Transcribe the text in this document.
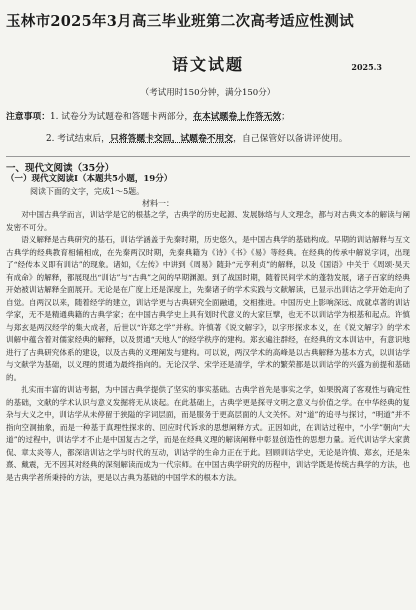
玉林市2025年3月高三毕业班第二次高考适应性测试
语文试题	2025.3
（考试用时150分钟，满分150分）
注意事项：1. 试卷分为试题卷和答题卡两部分，在本试题卷上作答无效；
2. 考试结束后，只将答题卡交回，试题卷不用交，自己保管好以备讲评使用。
一、现代文阅读（35分）
（一）现代文阅读Ⅰ（本题共5小题，19分）
阅读下面的文字，完成1～5题。
材料一：

对中国古典学而言，训诂学是它的根基之学，古典学的历史起源、发展脉络与人文理念，都与对古典文本的解读与阐发密不可分。

语义解释是古典研究的基石，训诂学涵盖于先秦时期，历史悠久，是中国古典学的基础构成。早期的训诂解释与互文古典学的经典教育相辅相成，在先秦两汉时期，先秦典籍为《诗》《书》《易》等经典。在经典的传承中解说字词，出现了“经传本义即有训诂”的现象。诸如，《左传》中讲到《周易》随卦“元亨利贞”的解释，以及《国语》中关于《周颂·昊天有成命》的解释，都展现出“训诂”与“古典”之间的早期渊源。到了战国时期，随着民间学术的蓬勃发展，诸子百家的经典开始被训诂解释全面展开。无论是在广度上还是深度上，先秦诸子的学术实践与文献解读，已显示出训诂之学开始走向了自觉。自两汉以来，随着经学的建立，训诂学更与古典研究全面融通，交相推进。中国历史上影响深远、成就卓著的训诂学家，无不是精通典籍的古典学家；在中国古典学史上具有划时代意义的大家巨擘，也无不以训诂学为根基和起点。许慎与郑玄是两汉经学的集大成者，后世以“许郑之学”并称。许慎著《说文解字》，以字形探求本义，在《说文解字》的学术训解中蕴含着对儒家经典的解释，以及贯通“天地人”的经学秩序的建构。郑玄遍注群经，在经典的文本训诂中，有意识地进行了古典研究体系的建设，以及古典的义理阐发与建构。可以说，两汉学术的高峰是以古典解释为基本方式，以训诂学与文献学为基础，以义理的贯通为最终指向的。无论汉学、宋学还是清学，学术的繁荣都是以训诂学的兴盛为前提和基础的。

扎实而丰富的训诂考据，为中国古典学提供了坚实的事实基础。古典学首先是事实之学，如果脱离了客观性与确定性的基础，文献的学术认识与意义发掘将无从谈起。在此基础上，古典学更是探寻文明之意义与价值之学。在中华经典的复杂与大义之中，训诂学从未停留于狭隘的字词层面，而是服务于更高层面的人文关怀。对“道”的追寻与探讨，“明道”并不指向空洞抽象，而是一种基于真理性探求的、回应时代诉求的思想阐释方式。正因如此，在训诂过程中，“小学”朝向“大道”的过程中，训诂学才不止是中国复古之学，而是在经典义理的解读阐释中彰显创造性的思想力量。近代训诂学大家黄侃、章太炎等人，都深谙训诂之学与时代的互动，训诂学的生命力正在于此。回顾训诂学史，无论是许慎、郑玄，还是朱熹、戴震，无不因其对经典的深刻解读而成为一代宗师。在中国古典学研究的历程中，训诂学既是传统古典学的方法，也是古典学者所秉持的方法，更是以古典为基础的中国学术的根本方法。
